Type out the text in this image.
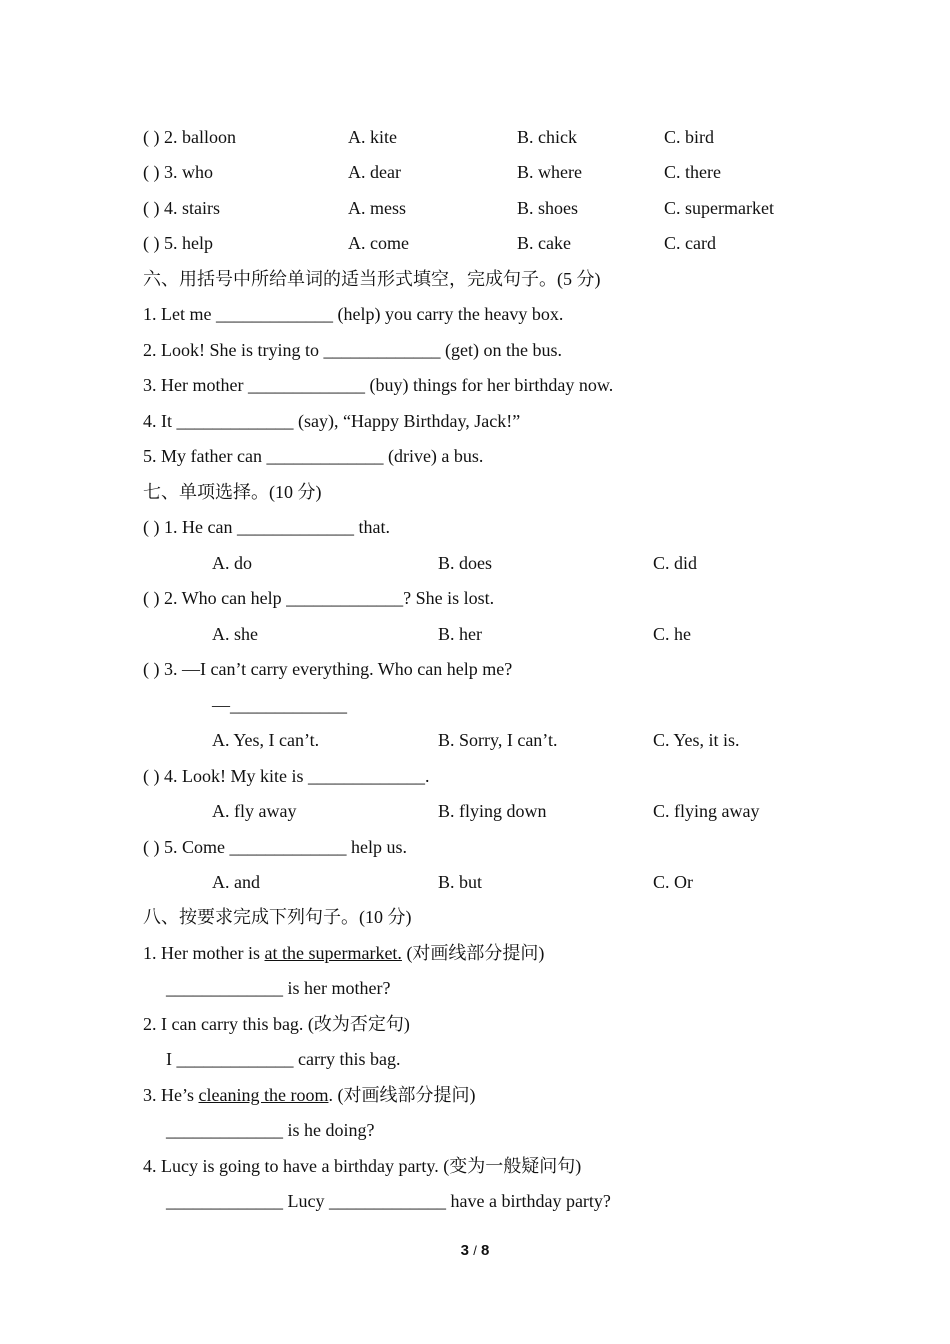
( ) 2. balloon	A. kite	B. chick	C. bird
( ) 3. who	A. dear	B. where	C. there
( ) 4. stairs	A. mess	B. shoes	C. supermarket
( ) 5. help	A. come	B. cake	C. card
六、用括号中所给单词的适当形式填空，完成句子。(5 分)
1. Let me _____________ (help) you carry the heavy box.
2. Look! She is trying to _____________ (get) on the bus.
3. Her mother _____________ (buy) things for her birthday now.
4. It _____________ (say), “Happy Birthday, Jack!”
5. My father can _____________ (drive) a bus.
七、单项选择。(10 分)
( ) 1. He can _____________ that.
A. do	B. does	C. did
( ) 2. Who can help _____________? She is lost.
A. she	B. her	C. he
( ) 3. —I can’t carry everything. Who can help me?
—_____________
A. Yes, I can’t.	B. Sorry, I can’t.	C. Yes, it is.
( ) 4. Look! My kite is _____________.
A. fly away	B. flying down	C. flying away
( ) 5. Come _____________ help us.
A. and	B. but	C. Or
八、按要求完成下列句子。(10 分)
1. Her mother is at the supermarket. (对画线部分提问)
_____________ is her mother?
2. I can carry this bag. (改为否定句)
I _____________ carry this bag.
3. He’s cleaning the room. (对画线部分提问)
_____________ is he doing?
4. Lucy is going to have a birthday party. (变为一般疑问句)
_____________ Lucy _____________ have a birthday party?
3 / 8
